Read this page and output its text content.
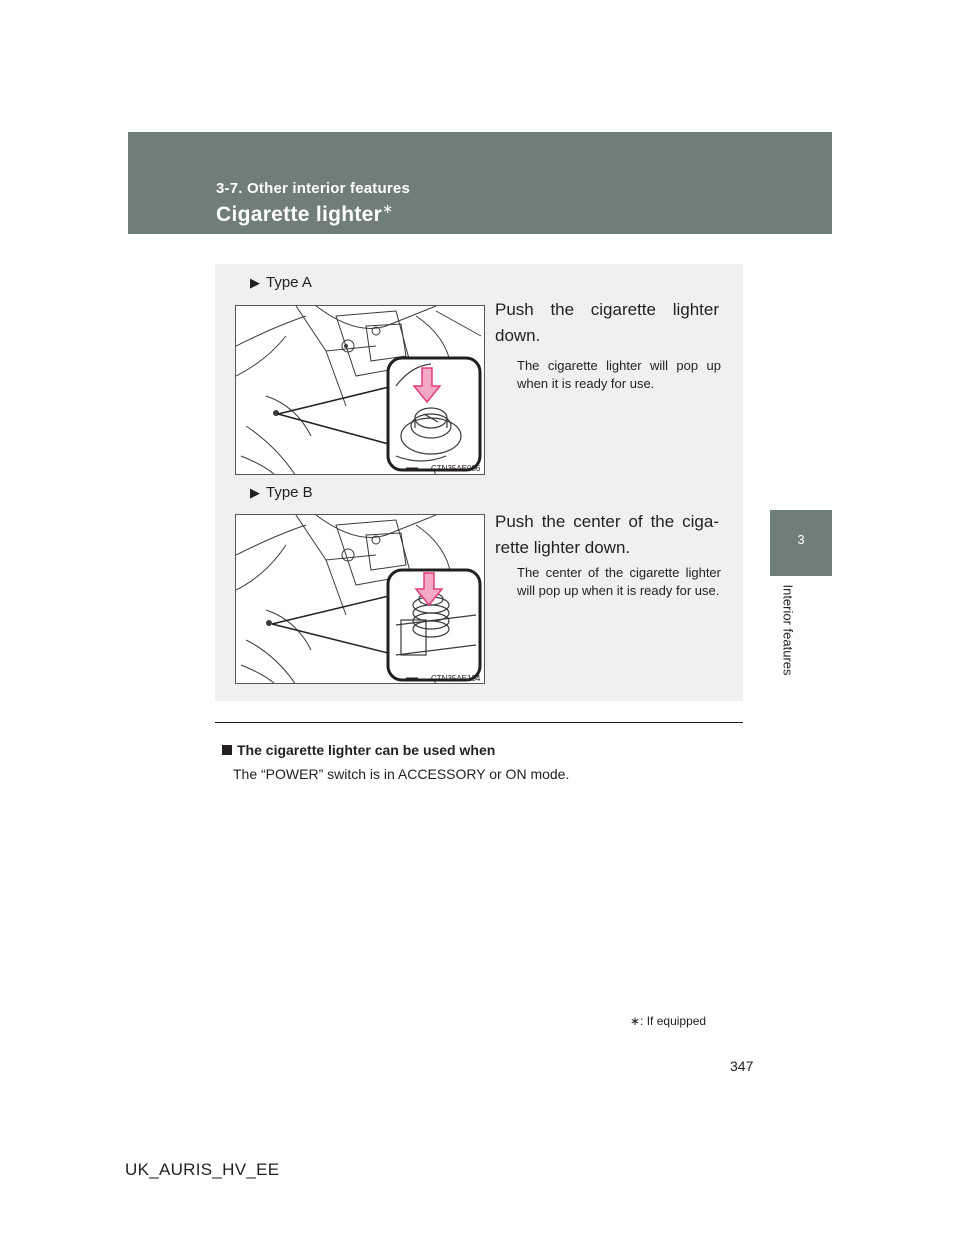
3-7. Other interior features
Cigarette lighter∗
3
Interior features
▶ Type A
CTN35AE086
Push the cigarette lighter down.
The cigarette lighter will pop up when it is ready for use.
▶ Type B
CTN35AE104
Push the center of the ciga-rette lighter down.
The center of the cigarette lighter will pop up when it is ready for use.
The cigarette lighter can be used when
The “POWER” switch is in ACCESSORY or ON mode.
∗: If equipped
347
UK_AURIS_HV_EE
